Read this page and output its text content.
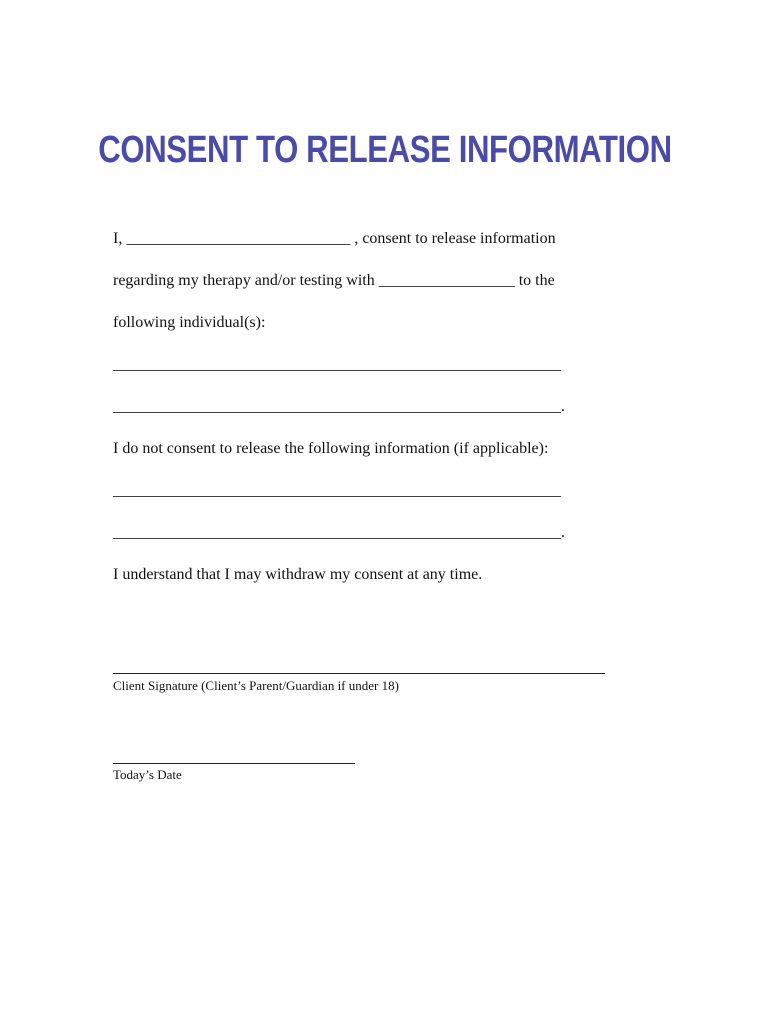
CONSENT TO RELEASE INFORMATION

I, ____________________________ , consent to release information

regarding my therapy and/or testing with _________________ to the

following individual(s):

________________________________________________________

________________________________________________________.

I do not consent to release the following information (if applicable):

________________________________________________________

________________________________________________________.

I understand that I may withdraw my consent at any time.

Client Signature (Client’s Parent/Guardian if under 18)

Today’s Date
